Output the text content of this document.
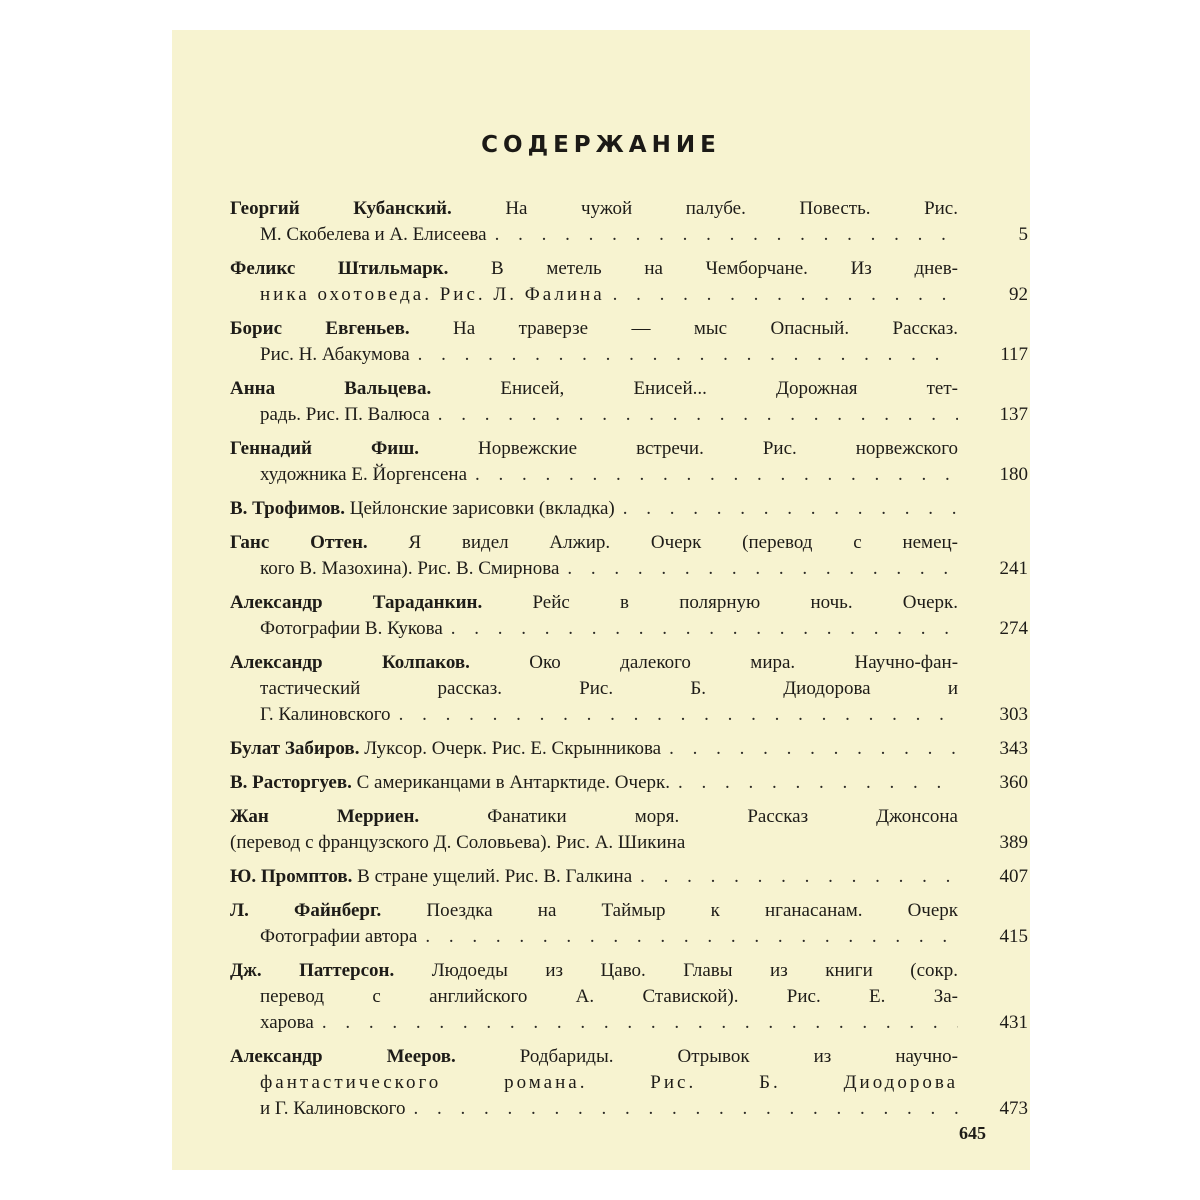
СОДЕРЖАНИЕ
Георгий Кубанский.	На чужой палубе. Повесть. Рис.
М. Скобелева и А. Елисеева . . .	5
Феликс Штильмарк. В метель на Чемборчане. Из днев-
ника охотоведа. Рис. Л. Фалина . . .	92
Борис Евгеньев. На траверзе — мыс Опасный. Рассказ.
Рис. Н. Абакумова . . .	117
Анна Вальцева.	Енисей, Енисей... Дорожная тет-
радь. Рис. П. Валюса . . .	137
Геннадий Фиш.	Норвежские встречи. Рис. норвежского
художника Е. Йоргенсена . . .	180
В. Трофимов. Цейлонские зарисовки (вкладка)
. . .
Ганс Оттен. Я видел Алжир. Очерк (перевод с немец-
кого В. Мазохина). Рис. В. Смирнова . . .	241
Александр Тараданкин.	Рейс в полярную ночь. Очерк.
Фотографии В. Кукова . . .	274
Александр Колпаков.	Око далекого мира. Научно-фан-
тастический рассказ. Рис. Б. Диодорова и
Г. Калиновского . . .	303
Булат Забиров. Луксор. Очерк. Рис. Е. Скрынникова . . .	343
В. Расторгуев. С американцами в Антарктиде. Очерк. . . .	360
Жан Мерриен.	Фанатики моря. Рассказ Джонсона
(перевод с французского Д. Соловьева). Рис. А. Шикина	389
Ю. Промптов. В стране ущелий. Рис. В. Галкина . . .	407
Л. Файнберг. Поездка на Таймыр к нганасанам. Очерк
Фотографии автора . . .	415
Дж. Паттерсон. Людоеды из Цаво. Главы из книги (сокр.
перевод с английского А. Ставиской). Рис. Е. За-
харова . . .	431
Александр Мееров.	Родбариды. Отрывок из научно-
фантастического романа. Рис. Б. Диодорова
и Г. Калиновского . . .	473
645
